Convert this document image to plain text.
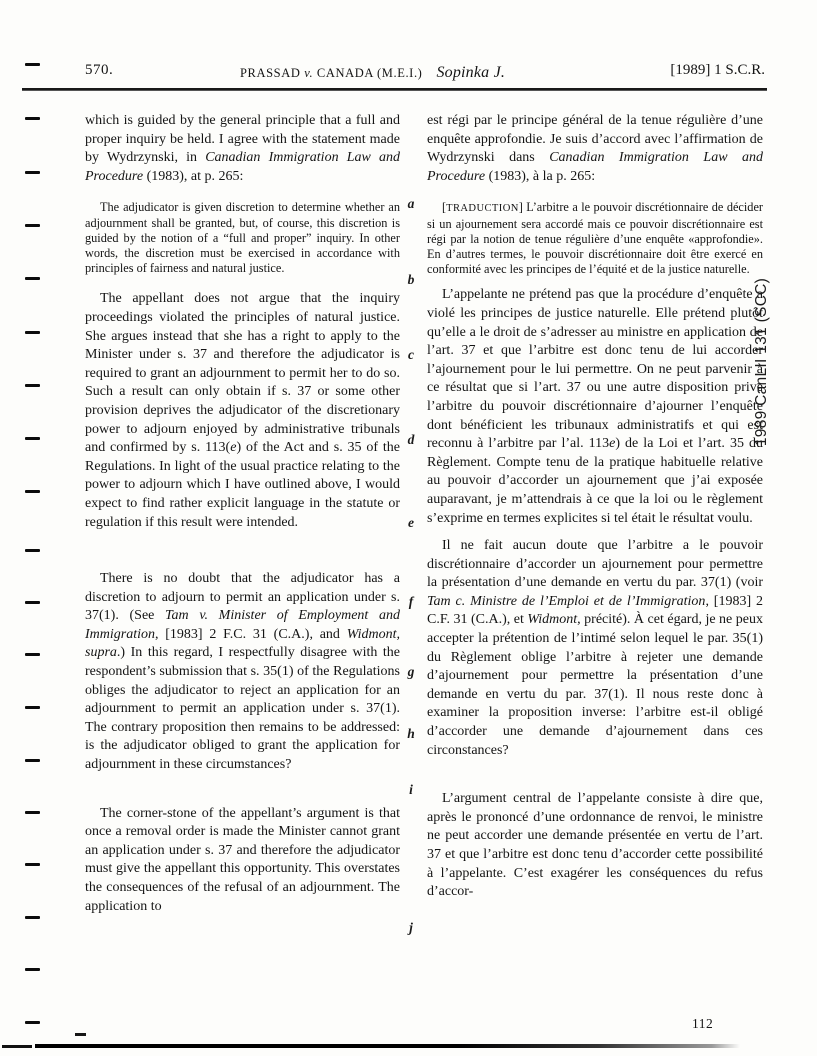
570.	PRASSAD v. CANADA (M.E.I.) Sopinka J.	[1989] 1 S.C.R.

which is guided by the general principle that a full and proper inquiry be held. I agree with the statement made by Wydrzynski, in Canadian Immigration Law and Procedure (1983), at p. 265:

The adjudicator is given discretion to determine whether an adjournment shall be granted, but, of course, this discretion is guided by the notion of a “full and proper” inquiry. In other words, the discretion must be exercised in accordance with principles of fairness and natural justice.

The appellant does not argue that the inquiry proceedings violated the principles of natural justice. She argues instead that she has a right to apply to the Minister under s. 37 and therefore the adjudicator is required to grant an adjournment to permit her to do so. Such a result can only obtain if s. 37 or some other provision deprives the adjudicator of the discretionary power to adjourn enjoyed by administrative tribunals and confirmed by s. 113(e) of the Act and s. 35 of the Regulations. In light of the usual practice relating to the power to adjourn which I have outlined above, I would expect to find rather explicit language in the statute or regulation if this result were intended.

There is no doubt that the adjudicator has a discretion to adjourn to permit an application under s. 37(1). (See Tam v. Minister of Employment and Immigration, [1983] 2 F.C. 31 (C.A.), and Widmont, supra.) In this regard, I respectfully disagree with the respondent’s submission that s. 35(1) of the Regulations obliges the adjudicator to reject an application for an adjournment to permit an application under s. 37(1). The contrary proposition then remains to be addressed: is the adjudicator obliged to grant the application for adjournment in these circumstances?

The corner-stone of the appellant’s argument is that once a removal order is made the Minister cannot grant an application under s. 37 and therefore the adjudicator must give the appellant this opportunity. This overstates the consequences of the refusal of an adjournment. The application to

est régi par le principe général de la tenue régulière d’une enquête approfondie. Je suis d’accord avec l’affirmation de Wydrzynski dans Canadian Immigration Law and Procedure (1983), à la p. 265:

[TRADUCTION] L’arbitre a le pouvoir discrétionnaire de décider si un ajournement sera accordé mais ce pouvoir discrétionnaire est régi par la notion de tenue régulière d’une enquête «approfondie». En d’autres termes, le pouvoir discrétionnaire doit être exercé en conformité avec les principes de l’équité et de la justice naturelle.

L’appelante ne prétend pas que la procédure d’enquête a violé les principes de justice naturelle. Elle prétend plutôt qu’elle a le droit de s’adresser au ministre en application de l’art. 37 et que l’arbitre est donc tenu de lui accorder l’ajournement pour le lui permettre. On ne peut parvenir à ce résultat que si l’art. 37 ou une autre disposition prive l’arbitre du pouvoir discrétionnaire d’ajourner l’enquête dont bénéficient les tribunaux administratifs et qui est reconnu à l’arbitre par l’al. 113e) de la Loi et l’art. 35 du Règlement. Compte tenu de la pratique habituelle relative au pouvoir d’accorder un ajournement que j’ai exposée auparavant, je m’attendrais à ce que la loi ou le règlement s’exprime en termes explicites si tel était le résultat voulu.

Il ne fait aucun doute que l’arbitre a le pouvoir discrétionnaire d’accorder un ajournement pour permettre la présentation d’une demande en vertu du par. 37(1) (voir Tam c. Ministre de l’Emploi et de l’Immigration, [1983] 2 C.F. 31 (C.A.), et Widmont, précité). À cet égard, je ne peux accepter la prétention de l’intimé selon lequel le par. 35(1) du Règlement oblige l’arbitre à rejeter une demande d’ajournement pour permettre la présentation d’une demande en vertu du par. 37(1). Il nous reste donc à examiner la proposition inverse: l’arbitre est-il obligé d’accorder une demande d’ajournement dans ces circonstances?

L’argument central de l’appelante consiste à dire que, après le prononcé d’une ordonnance de renvoi, le ministre ne peut accorder une demande présentée en vertu de l’art. 37 et que l’arbitre est donc tenu d’accorder cette possibilité à l’appelante. C’est exagérer les conséquences du refus d’accor-

a
b
c
d
e
f
g
h
i
j
1989 CanLII 131 (SCC)
112
